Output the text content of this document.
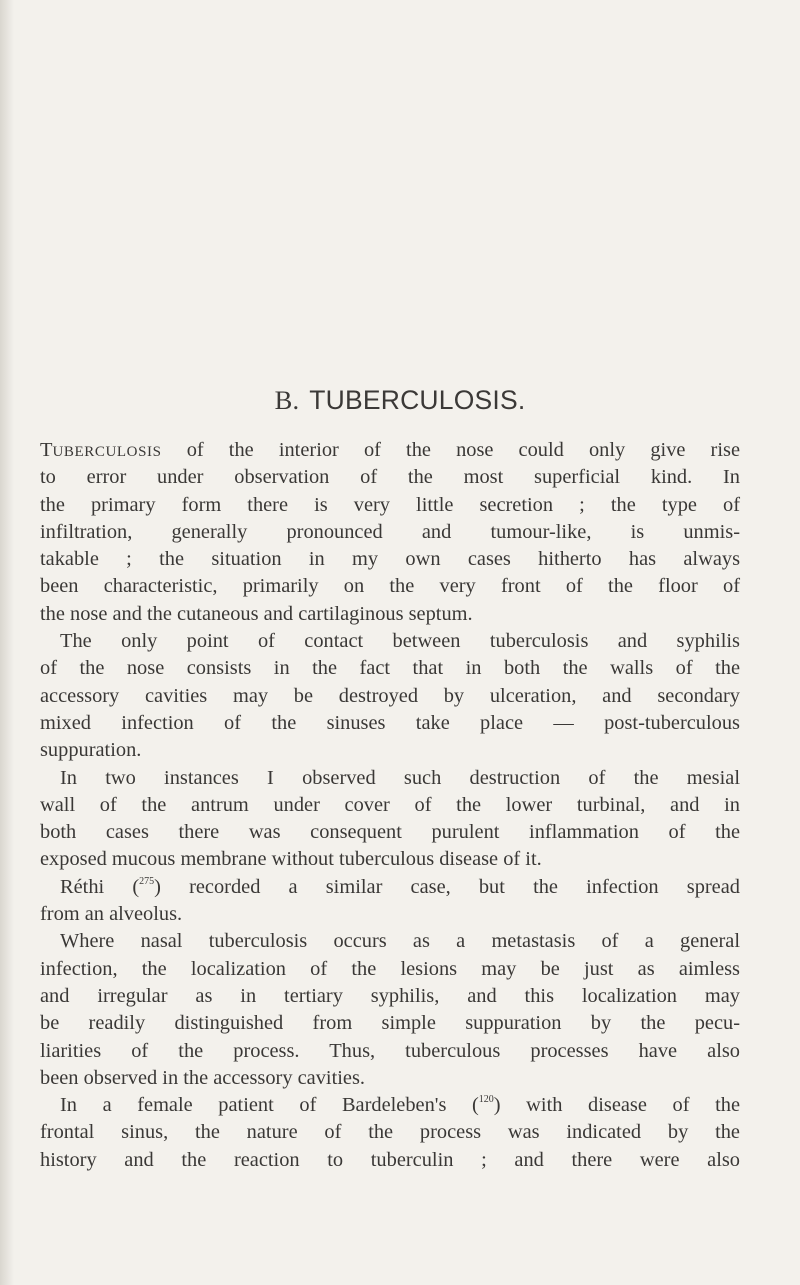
B. TUBERCULOSIS.
TUBERCULOSIS of the interior of the nose could only give rise
to error under observation of the most superficial kind. In
the primary form there is very little secretion ; the type of
infiltration, generally pronounced and tumour-like, is unmis-
takable ; the situation in my own cases hitherto has always
been characteristic, primarily on the very front of the floor of
the nose and the cutaneous and cartilaginous septum.
The only point of contact between tuberculosis and syphilis
of the nose consists in the fact that in both the walls of the
accessory cavities may be destroyed by ulceration, and secondary
mixed infection of the sinuses take place — post-tuberculous
suppuration.
In two instances I observed such destruction of the mesial
wall of the antrum under cover of the lower turbinal, and in
both cases there was consequent purulent inflammation of the
exposed mucous membrane without tuberculous disease of it.
Réthi ($^{275}$) recorded a similar case, but the infection spread
from an alveolus.
Where nasal tuberculosis occurs as a metastasis of a general
infection, the localization of the lesions may be just as aimless
and irregular as in tertiary syphilis, and this localization may
be readily distinguished from simple suppuration by the pecu-
liarities of the process. Thus, tuberculous processes have also
been observed in the accessory cavities.
In a female patient of Bardeleben's ($^{120}$) with disease of the
frontal sinus, the nature of the process was indicated by the
history and the reaction to tuberculin ; and there were also
